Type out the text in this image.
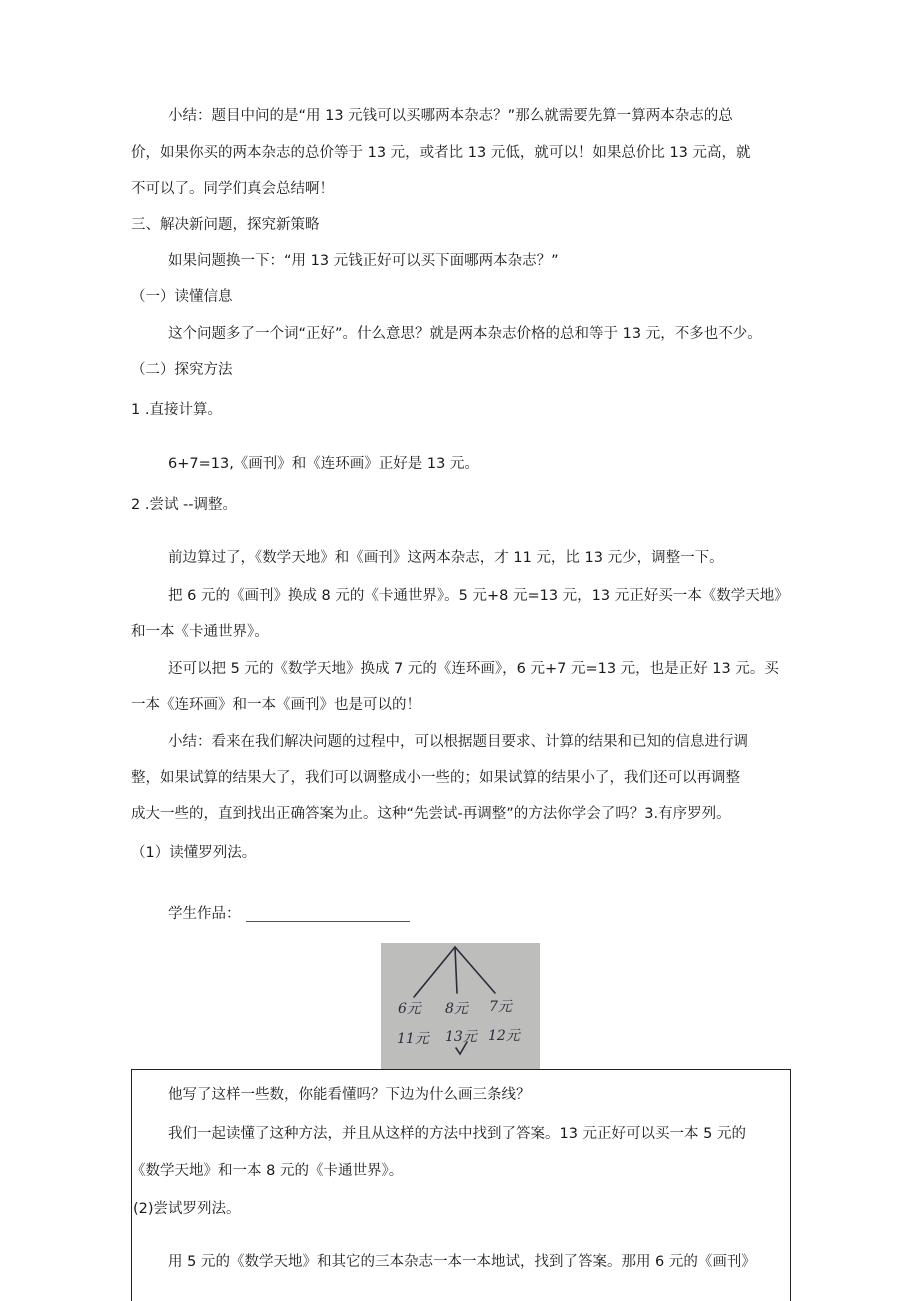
小结：题目中问的是“用 13 元钱可以买哪两本杂志？”那么就需要先算一算两本杂志的总
价，如果你买的两本杂志的总价等于 13 元，或者比 13 元低，就可以！如果总价比 13 元高，就
不可以了。同学们真会总结啊！
三、解决新问题，探究新策略
如果问题换一下：“用 13 元钱正好可以买下面哪两本杂志？”
（一）读懂信息
这个问题多了一个词“正好”。什么意思？就是两本杂志价格的总和等于 13 元，不多也不少。
（二）探究方法
1 .直接计算。
6+7=13,《画刊》和《连环画》正好是 13 元。
2 .尝试 --调整。
前边算过了，《数学天地》和《画刊》这两本杂志，才 11 元，比 13 元少，调整一下。
把 6 元的《画刊》换成 8 元的《卡通世界》。5 元+8 元=13 元，13 元正好买一本《数学天地》
和一本《卡通世界》。
还可以把 5 元的《数学天地》换成 7 元的《连环画》，6 元+7 元=13 元，也是正好 13 元。买
一本《连环画》和一本《画刊》也是可以的！
小结：看来在我们解决问题的过程中，可以根据题目要求、计算的结果和已知的信息进行调
整，如果试算的结果大了，我们可以调整成小一些的；如果试算的结果小了，我们还可以再调整
成大一些的，直到找出正确答案为止。这种“先尝试-再调整”的方法你学会了吗？3.有序罗列。
（1）读懂罗列法。
学生作品：
6元 8元 7元
11元 13元 12元
他写了这样一些数，你能看懂吗？下边为什么画三条线？
我们一起读懂了这种方法，并且从这样的方法中找到了答案。13 元正好可以买一本 5 元的
《数学天地》和一本 8 元的《卡通世界》。
(2)尝试罗列法。
用 5 元的《数学天地》和其它的三本杂志一本一本地试，找到了答案。那用 6 元的《画刊》
